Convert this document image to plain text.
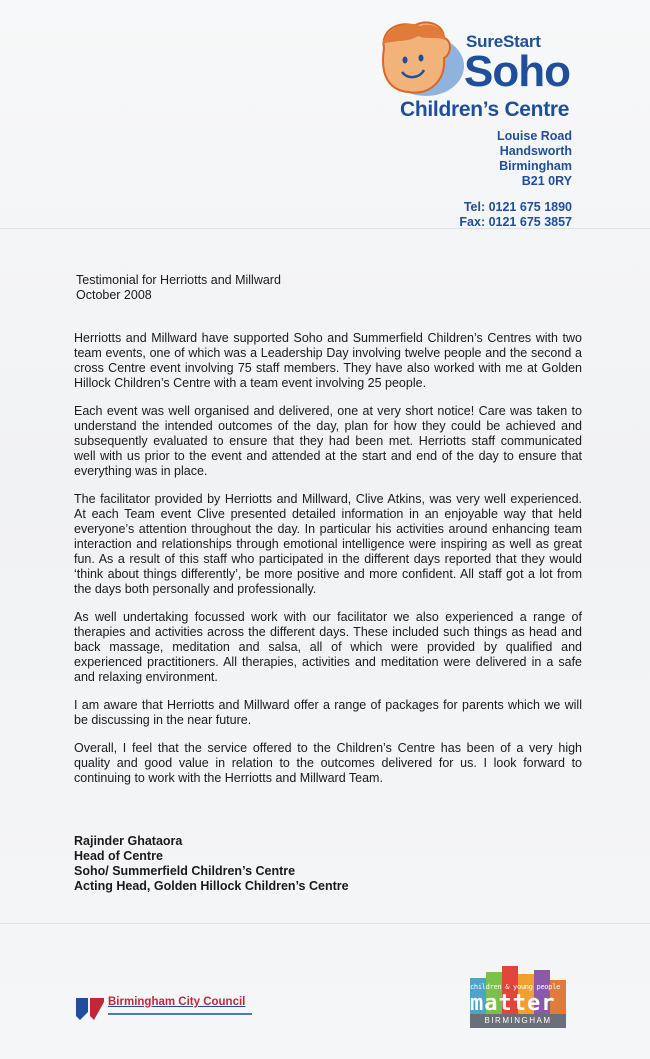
SureStart
Soho
Children’s Centre
Louise Road
Handsworth
Birmingham
B21 0RY
Tel: 0121 675 1890
Fax: 0121 675 3857
Testimonial for Herriotts and Millward
October 2008

Herriotts and Millward have supported Soho and Summerfield Children’s Centres with two team events, one of which was a Leadership Day involving twelve people and the second a cross Centre event involving 75 staff members. They have also worked with me at Golden Hillock Children’s Centre with a team event involving 25 people.

Each event was well organised and delivered, one at very short notice! Care was taken to understand the intended outcomes of the day, plan for how they could be achieved and subsequently evaluated to ensure that they had been met. Herriotts staff communicated well with us prior to the event and attended at the start and end of the day to ensure that everything was in place.

The facilitator provided by Herriotts and Millward, Clive Atkins, was very well experienced. At each Team event Clive presented detailed information in an enjoyable way that held everyone’s attention throughout the day. In particular his activities around enhancing team interaction and relationships through emotional intelligence were inspiring as well as great fun. As a result of this staff who participated in the different days reported that they would ‘think about things differently’, be more positive and more confident. All staff got a lot from the days both personally and professionally.

As well undertaking focussed work with our facilitator we also experienced a range of therapies and activities across the different days. These included such things as head and back massage, meditation and salsa, all of which were provided by qualified and experienced practitioners. All therapies, activities and meditation were delivered in a safe and relaxing environment.

I am aware that Herriotts and Millward offer a range of packages for parents which we will be discussing in the near future.

Overall, I feel that the service offered to the Children’s Centre has been of a very high quality and good value in relation to the outcomes delivered for us. I look forward to continuing to work with the Herriotts and Millward Team.

Rajinder Ghataora
Head of Centre
Soho/ Summerfield Children’s Centre
Acting Head, Golden Hillock Children’s Centre
Birmingham City Council
children & young people
matter
BIRMINGHAM
